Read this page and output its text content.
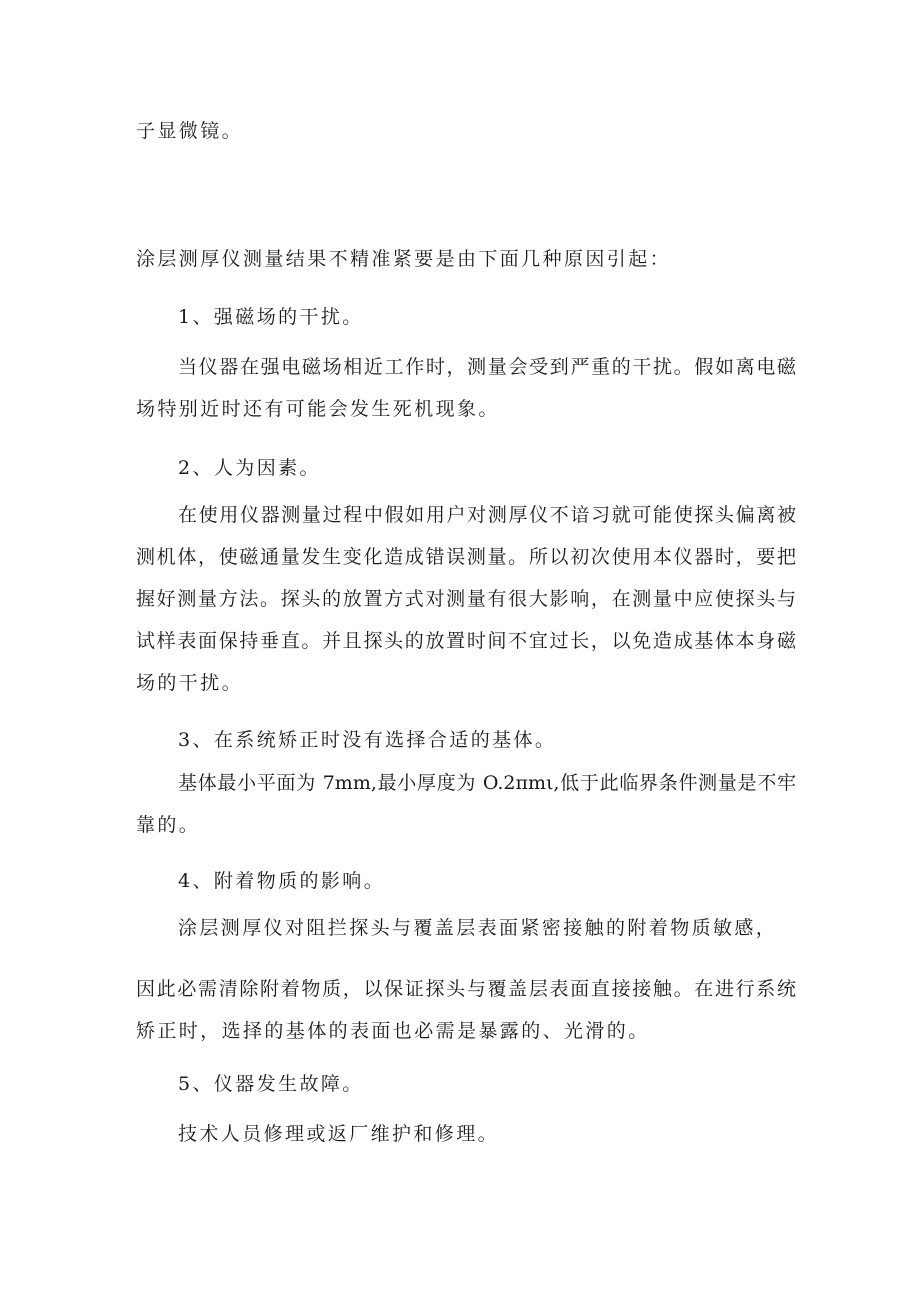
子显微镜。
涂层测厚仪测量结果不精准紧要是由下面几种原因引起：
1、强磁场的干扰。
当仪器在强电磁场相近工作时，测量会受到严重的干扰。假如离电磁
场特别近时还有可能会发生死机现象。
2、人为因素。
在使用仪器测量过程中假如用户对测厚仪不谙习就可能使探头偏离被
测机体，使磁通量发生变化造成错误测量。所以初次使用本仪器时，要把
握好测量方法。探头的放置方式对测量有很大影响，在测量中应使探头与
试样表面保持垂直。并且探头的放置时间不宜过长，以免造成基体本身磁
场的干扰。
3、在系统矫正时没有选择合适的基体。
基体最小平面为 7mm,最小厚度为 O.2πmι,低于此临界条件测量是不牢
靠的。
4、附着物质的影响。
涂层测厚仪对阻拦探头与覆盖层表面紧密接触的附着物质敏感，
因此必需清除附着物质，以保证探头与覆盖层表面直接接触。在进行系统
矫正时，选择的基体的表面也必需是暴露的、光滑的。
5、仪器发生故障。
技术人员修理或返厂维护和修理。
